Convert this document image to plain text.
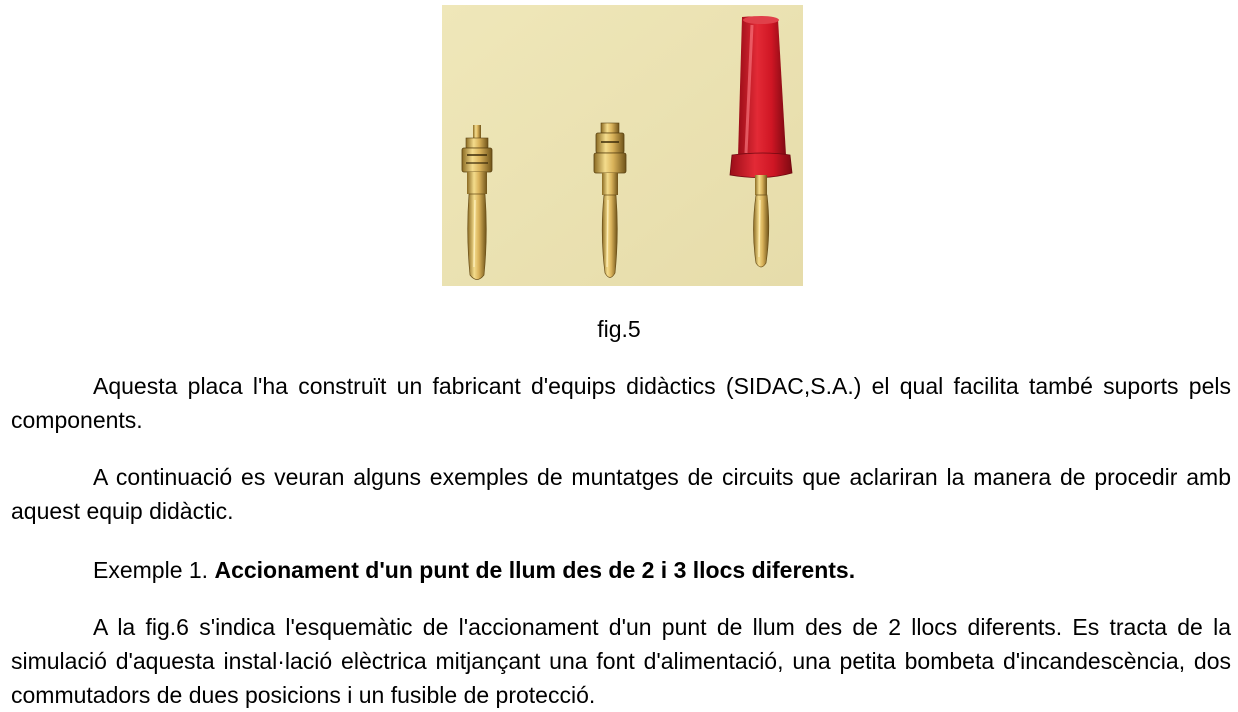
fig.5

Aquesta placa l'ha construït un fabricant d'equips didàctics (SIDAC,S.A.) el qual facilita també suports pels components.

A continuació es veuran alguns exemples de muntatges de circuits que aclariran la manera de procedir amb aquest equip didàctic.

Exemple 1. Accionament d'un punt de llum des de 2 i 3 llocs diferents.

A la fig.6 s'indica l'esquemàtic de l'accionament d'un punt de llum des de 2 llocs diferents. Es tracta de la simulació d'aquesta instal·lació elèctrica mitjançant una font d'alimentació, una petita bombeta d'incandescència, dos commutadors de dues posicions i un fusible de protecció.
